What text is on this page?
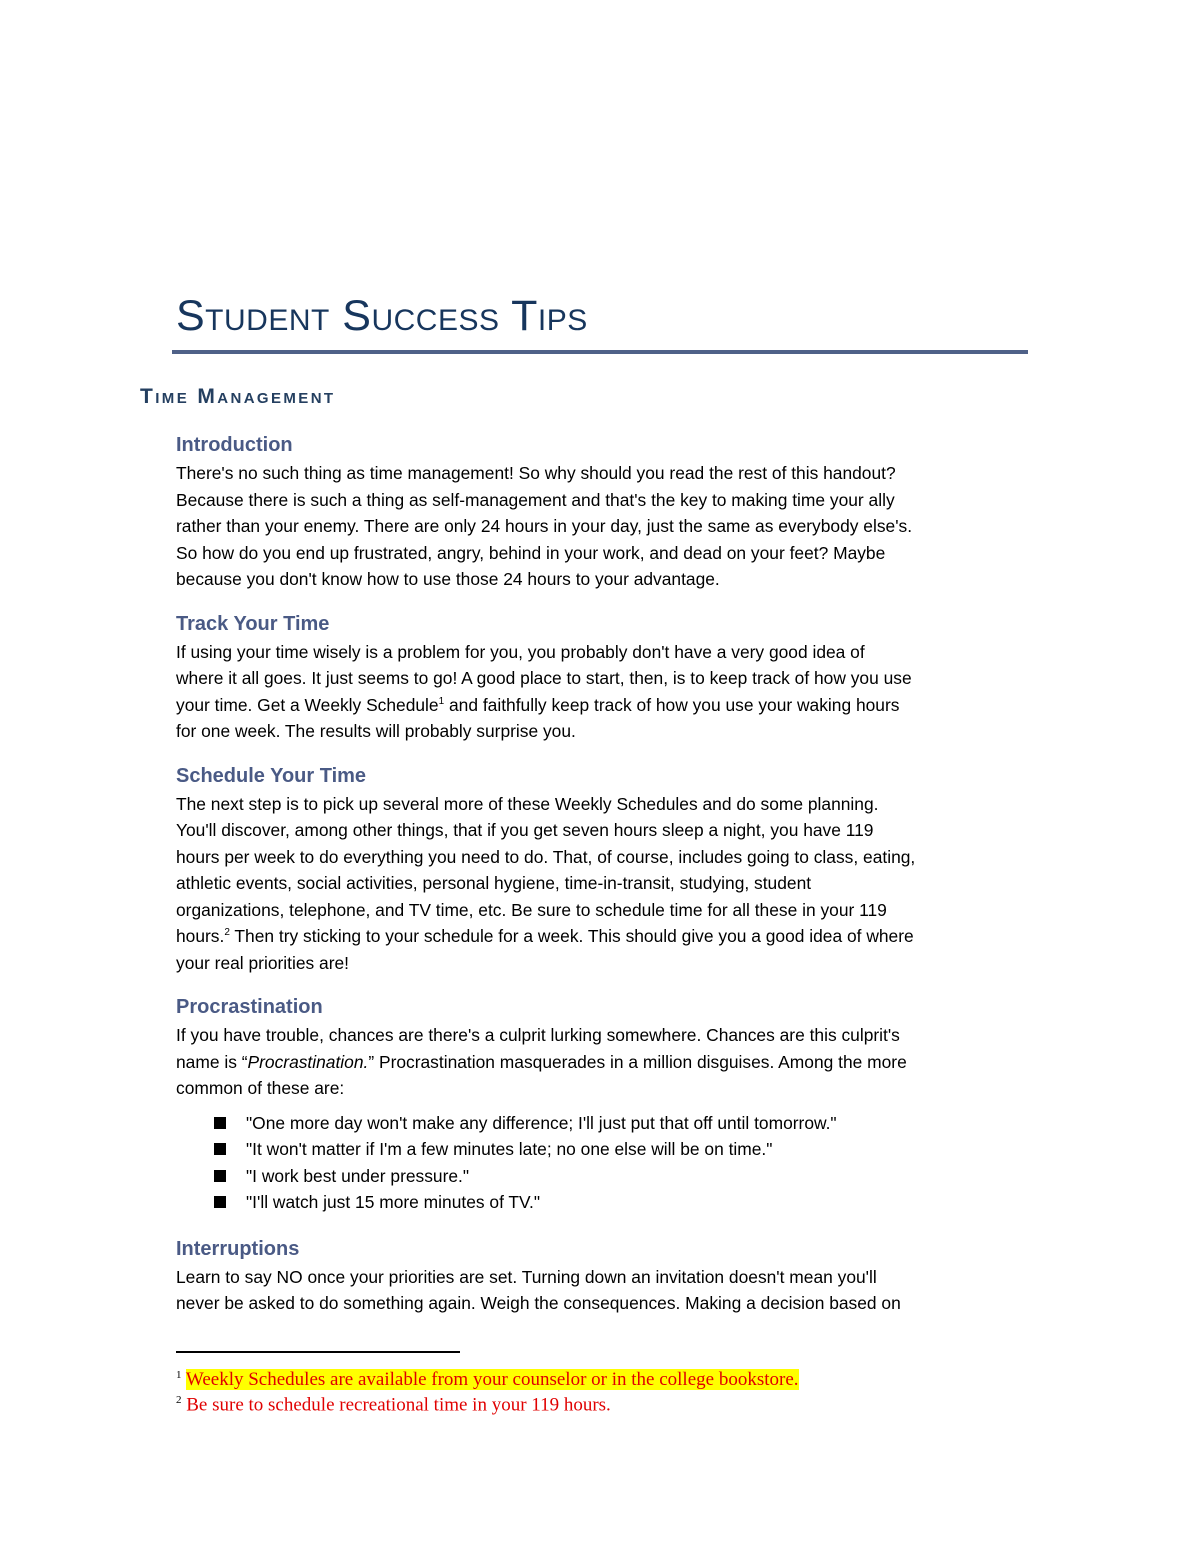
Student Success Tips
Time Management
Introduction

There's no such thing as time management! So why should you read the rest of this handout?
Because there is such a thing as self-management and that's the key to making time your ally
rather than your enemy. There are only 24 hours in your day, just the same as everybody else's.
So how do you end up frustrated, angry, behind in your work, and dead on your feet? Maybe
because you don't know how to use those 24 hours to your advantage.

Track Your Time

If using your time wisely is a problem for you, you probably don't have a very good idea of
where it all goes. It just seems to go! A good place to start, then, is to keep track of how you use
your time. Get a Weekly Schedule$^1$ and faithfully keep track of how you use your waking hours
for one week. The results will probably surprise you.

Schedule Your Time

The next step is to pick up several more of these Weekly Schedules and do some planning.
You'll discover, among other things, that if you get seven hours sleep a night, you have 119
hours per week to do everything you need to do. That, of course, includes going to class, eating,
athletic events, social activities, personal hygiene, time-in-transit, studying, student
organizations, telephone, and TV time, etc. Be sure to schedule time for all these in your 119
hours.$^2$ Then try sticking to your schedule for a week. This should give you a good idea of where
your real priorities are!

Procrastination

If you have trouble, chances are there's a culprit lurking somewhere. Chances are this culprit's
name is “Procrastination.” Procrastination masquerades in a million disguises. Among the more
common of these are:

"One more day won't make any difference; I'll just put that off until tomorrow."
"It won't matter if I'm a few minutes late; no one else will be on time."
"I work best under pressure."
"I'll watch just 15 more minutes of TV."
Interruptions

Learn to say NO once your priorities are set. Turning down an invitation doesn't mean you'll
never be asked to do something again. Weigh the consequences. Making a decision based on

$^1$ Weekly Schedules are available from your counselor or in the college bookstore.

$^2$ Be sure to schedule recreational time in your 119 hours.
